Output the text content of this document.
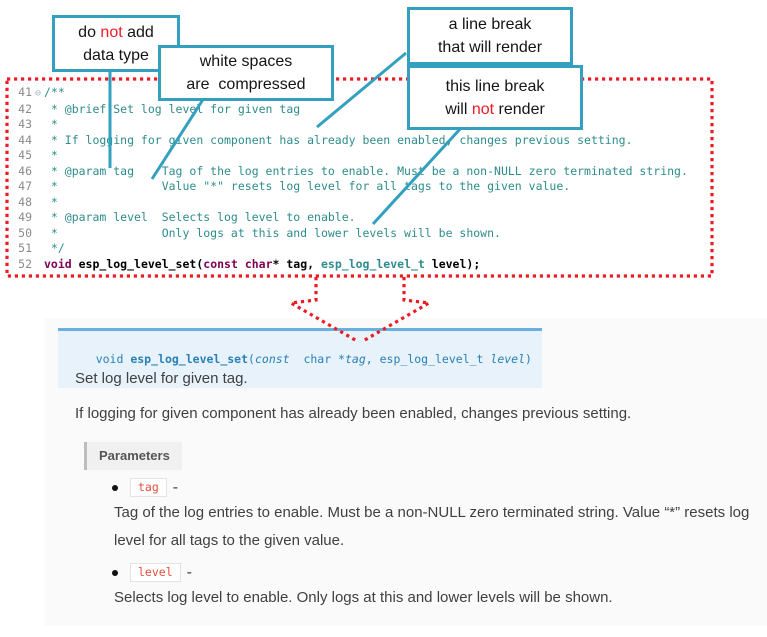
void esp_log_level_set(const  char *tag, esp_log_level_t level)

Set log level for given tag.
If logging for given component has already been enabled, changes previous setting.
Parameters
tag -
Tag of the log entries to enable. Must be a non-NULL zero terminated string. Value “*” resets log level for all tags to the given value.
level -
Selects log level to enable. Only logs at this and lower levels will be shown.
41 ⊖ /**
42 * @brief Set log level for given tag
43 *
44 * If logging for given component has already been enabled, changes previous setting.
45 *
46 * @param tag    Tag of the log entries to enable. Must be a non-NULL zero terminated string.
47 *               Value "*" resets log level for all tags to the given value.
48 *
49 * @param level  Selects log level to enable.
50 *               Only logs at this and lower levels will be shown.
51 */
52 void esp_log_level_set(const char* tag, esp_log_level_t level);
do not add
data type	white spaces
are  compressed
a line break
that will render
this line break
will not render
